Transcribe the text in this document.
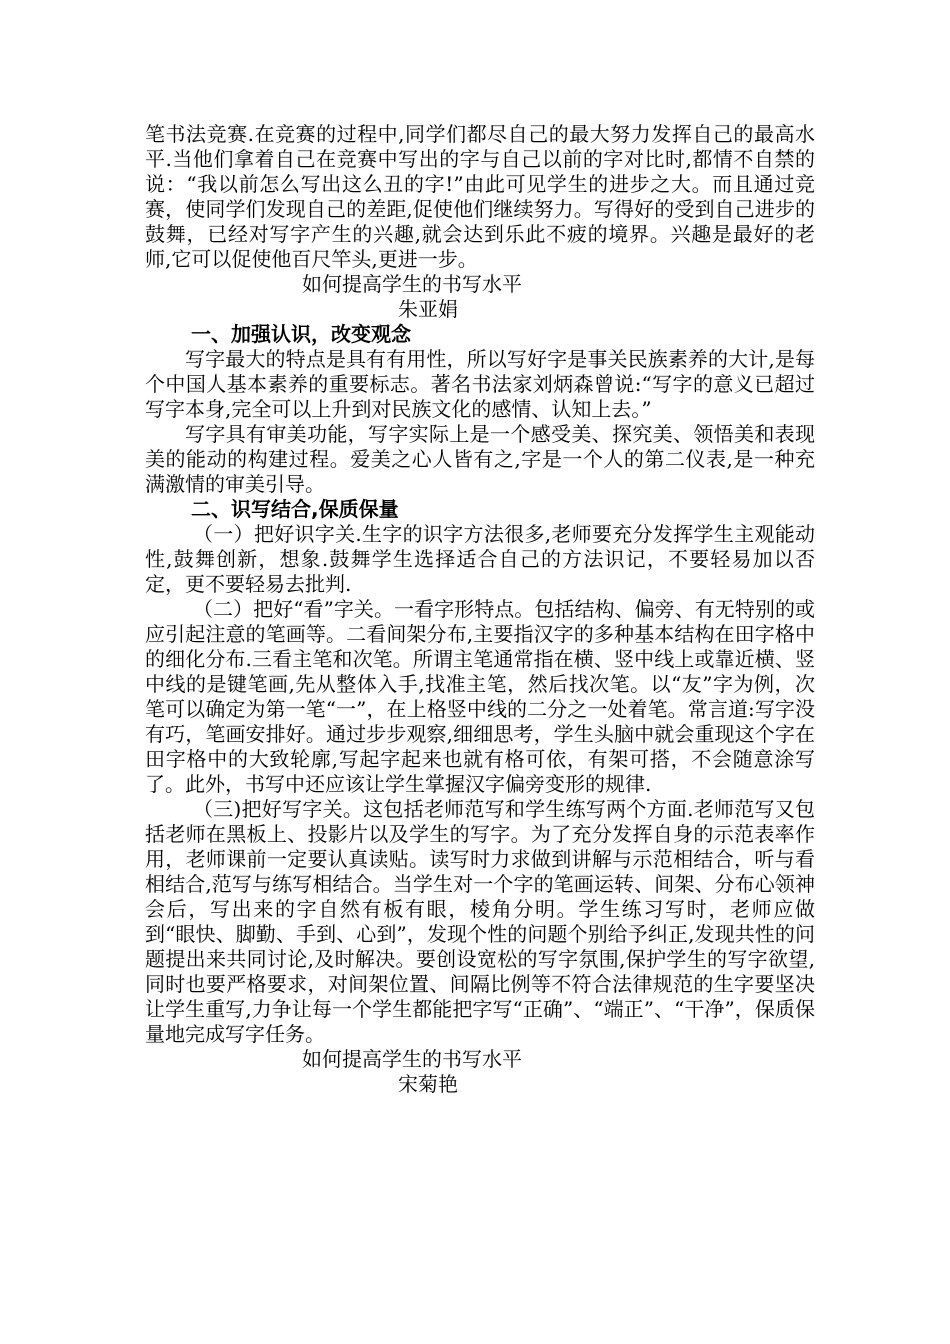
笔书法竞赛.在竞赛的过程中,同学们都尽自己的最大努力发挥自己的最高水平.当他们拿着自己在竞赛中写出的字与自己以前的字对比时,都情不自禁的说：“我以前怎么写出这么丑的字!”由此可见学生的进步之大。而且通过竞赛，使同学们发现自己的差距,促使他们继续努力。写得好的受到自己进步的鼓舞，已经对写字产生的兴趣,就会达到乐此不疲的境界。兴趣是最好的老师,它可以促使他百尺竿头,更进一步。

如何提高学生的书写水平

朱亚娟

一、加强认识，改变观念

写字最大的特点是具有有用性，所以写好字是事关民族素养的大计,是每个中国人基本素养的重要标志。著名书法家刘炳森曾说:“写字的意义已超过写字本身,完全可以上升到对民族文化的感情、认知上去。”

写字具有审美功能，写字实际上是一个感受美、探究美、领悟美和表现美的能动的构建过程。爱美之心人皆有之,字是一个人的第二仪表,是一种充满激情的审美引导。

二、识写结合,保质保量

（一）把好识字关.生字的识字方法很多,老师要充分发挥学生主观能动性,鼓舞创新，想象.鼓舞学生选择适合自己的方法识记，不要轻易加以否定，更不要轻易去批判.

（二）把好“看”字关。一看字形特点。包括结构、偏旁、有无特别的或应引起注意的笔画等。二看间架分布,主要指汉字的多种基本结构在田字格中的细化分布.三看主笔和次笔。所谓主笔通常指在横、竖中线上或靠近横、竖中线的是键笔画,先从整体入手,找准主笔，然后找次笔。以“友”字为例，次笔可以确定为第一笔“一”，在上格竖中线的二分之一处着笔。常言道:写字没有巧，笔画安排好。通过步步观察,细细思考，学生头脑中就会重现这个字在田字格中的大致轮廓,写起字起来也就有格可依，有架可搭，不会随意涂写了。此外，书写中还应该让学生掌握汉字偏旁变形的规律.

（三)把好写字关。这包括老师范写和学生练写两个方面.老师范写又包括老师在黑板上、投影片以及学生的写字。为了充分发挥自身的示范表率作用，老师课前一定要认真读贴。读写时力求做到讲解与示范相结合，听与看相结合,范写与练写相结合。当学生对一个字的笔画运转、间架、分布心领神会后，写出来的字自然有板有眼，棱角分明。学生练习写时，老师应做到“眼快、脚勤、手到、心到”，发现个性的问题个别给予纠正,发现共性的问题提出来共同讨论,及时解决。要创设宽松的写字氛围,保护学生的写字欲望,同时也要严格要求，对间架位置、间隔比例等不符合法律规范的生字要坚决让学生重写,力争让每一个学生都能把字写“正确”、“端正”、“干净”，保质保量地完成写字任务。

如何提高学生的书写水平

宋菊艳
